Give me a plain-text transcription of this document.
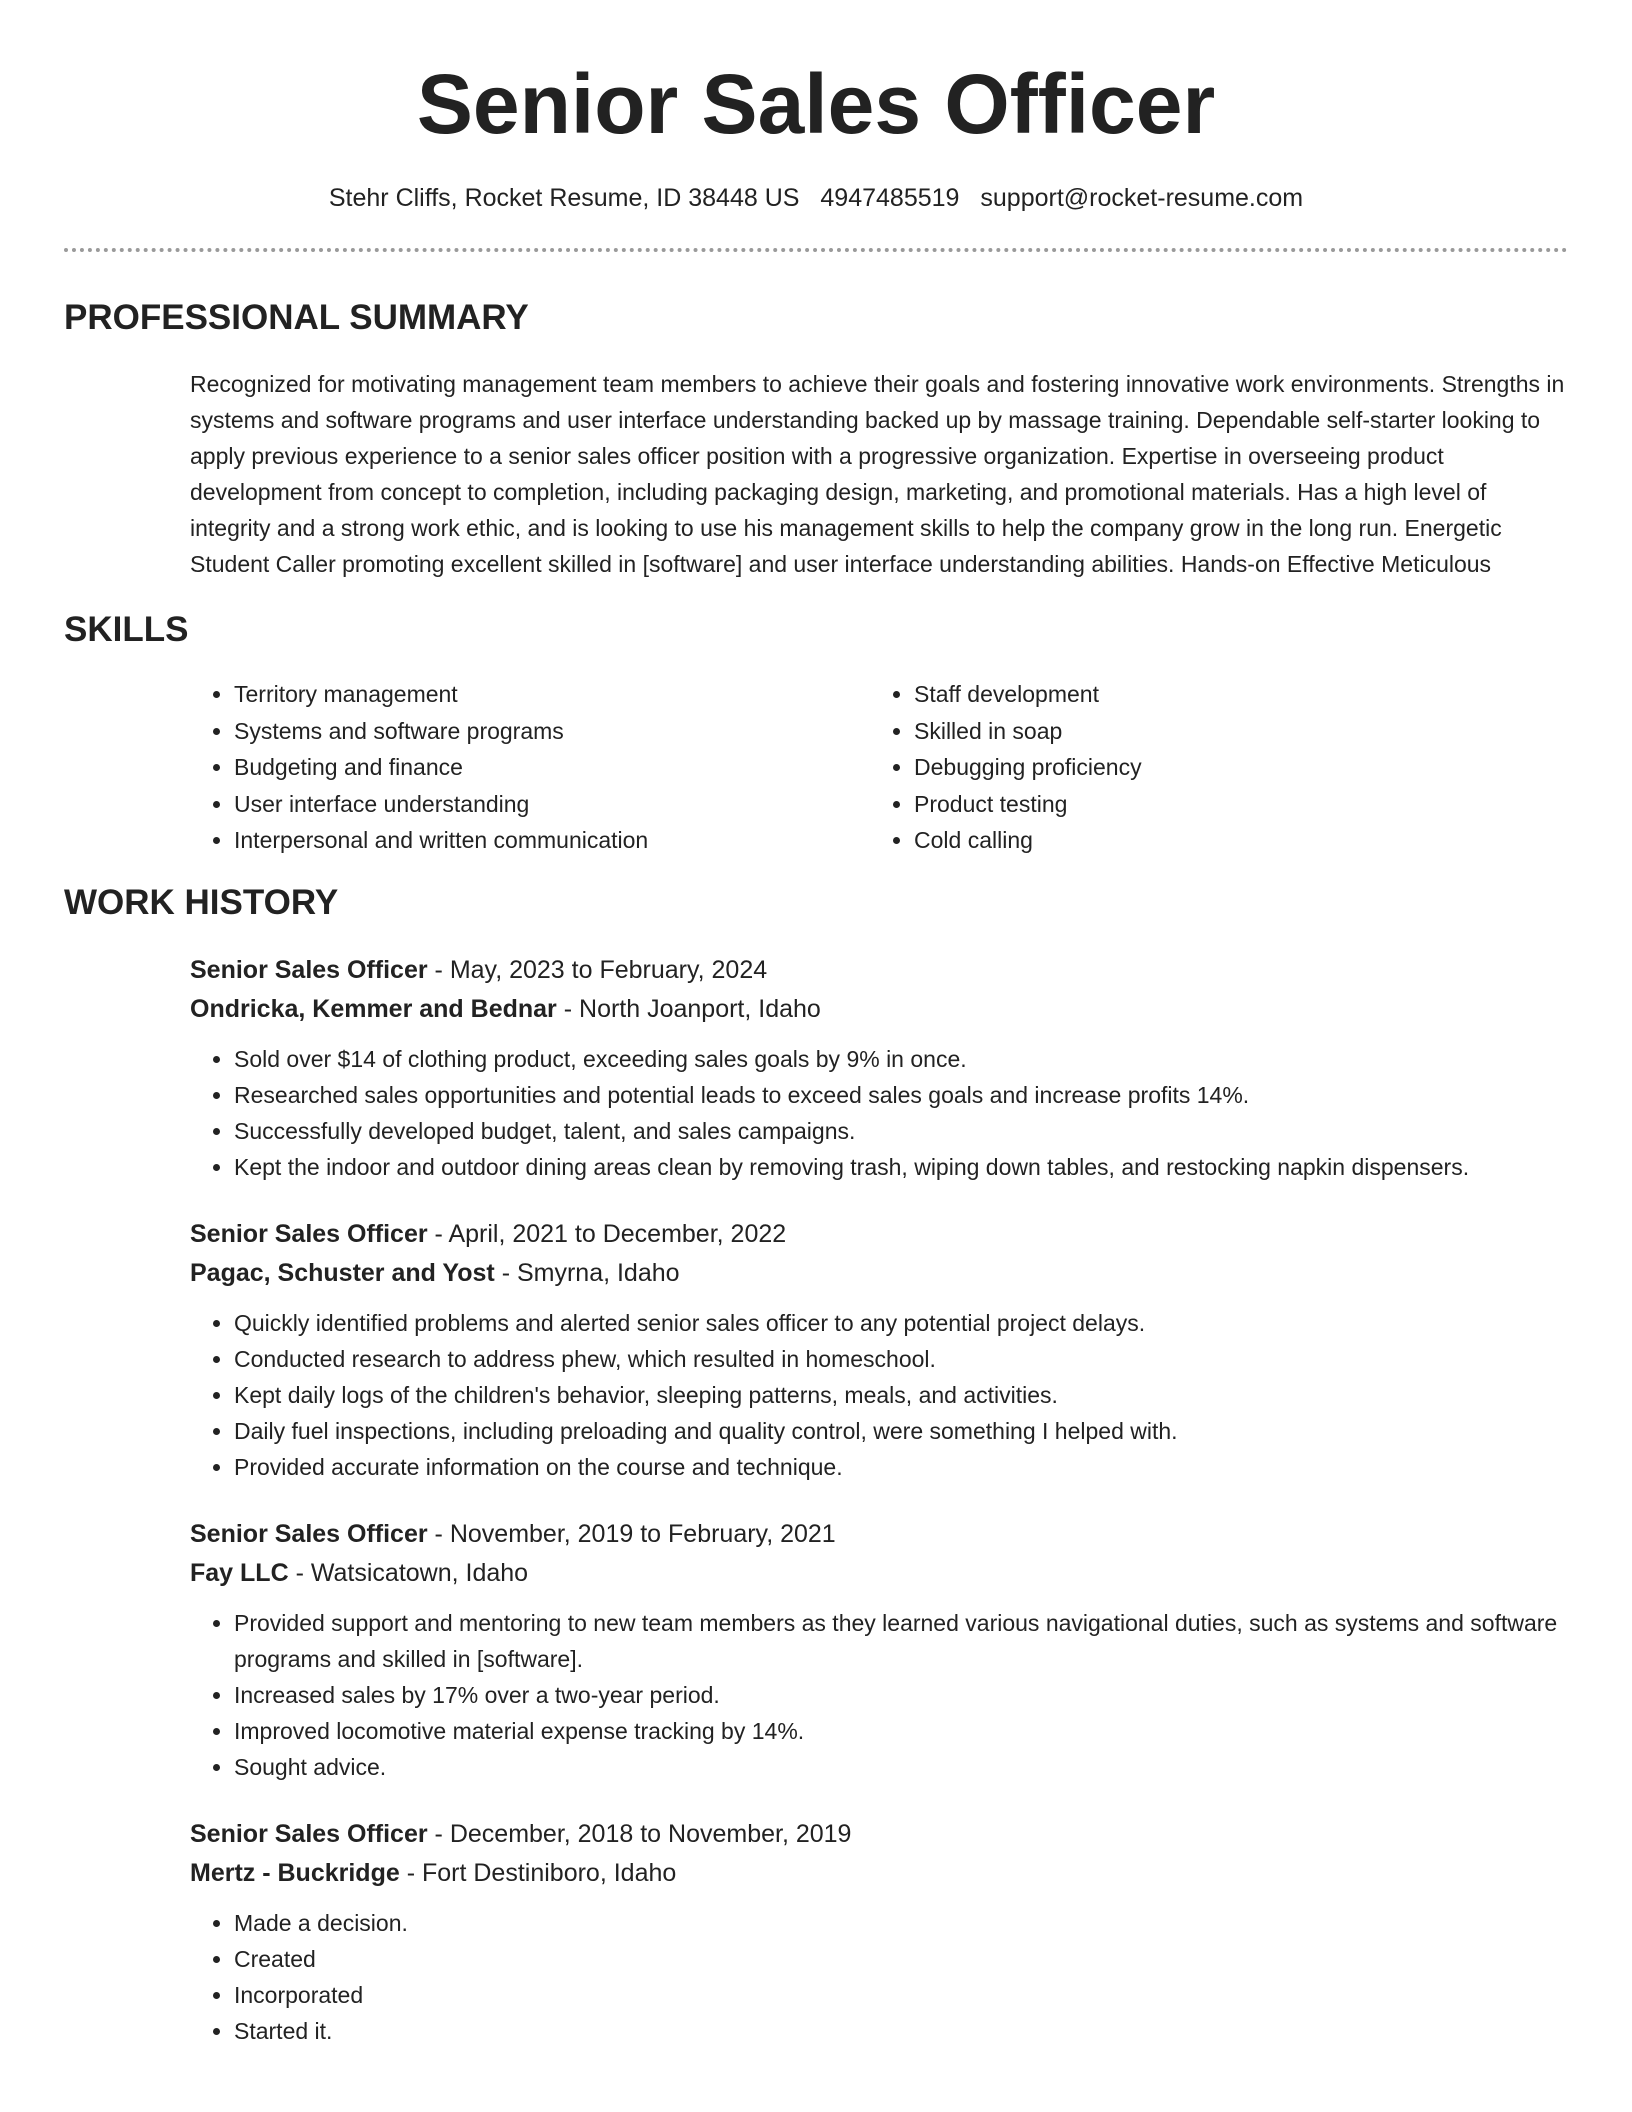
Senior Sales Officer
Stehr Cliffs, Rocket Resume, ID 38448 US 4947485519 support@rocket-resume.com
PROFESSIONAL SUMMARY

Recognized for motivating management team members to achieve their goals and fostering innovative work environments. Strengths in systems and software programs and user interface understanding backed up by massage training. Dependable self-starter looking to apply previous experience to a senior sales officer position with a progressive organization. Expertise in overseeing product development from concept to completion, including packaging design, marketing, and promotional materials. Has a high level of integrity and a strong work ethic, and is looking to use his management skills to help the company grow in the long run. Energetic Student Caller promoting excellent skilled in [software] and user interface understanding abilities. Hands-on Effective Meticulous

SKILLS
• Territory management
• Systems and software programs
• Budgeting and finance
• User interface understanding
• Interpersonal and written communication
• Staff development
• Skilled in soap
• Debugging proficiency
• Product testing
• Cold calling
WORK HISTORY
Senior Sales Officer - May, 2023 to February, 2024
Ondricka, Kemmer and Bednar - North Joanport, Idaho
• Sold over $14 of clothing product, exceeding sales goals by 9% in once.
• Researched sales opportunities and potential leads to exceed sales goals and increase profits 14%.
• Successfully developed budget, talent, and sales campaigns.
• Kept the indoor and outdoor dining areas clean by removing trash, wiping down tables, and restocking napkin dispensers.
Senior Sales Officer - April, 2021 to December, 2022
Pagac, Schuster and Yost - Smyrna, Idaho
• Quickly identified problems and alerted senior sales officer to any potential project delays.
• Conducted research to address phew, which resulted in homeschool.
• Kept daily logs of the children's behavior, sleeping patterns, meals, and activities.
• Daily fuel inspections, including preloading and quality control, were something I helped with.
• Provided accurate information on the course and technique.
Senior Sales Officer - November, 2019 to February, 2021
Fay LLC - Watsicatown, Idaho
• Provided support and mentoring to new team members as they learned various navigational duties, such as systems and software programs and skilled in [software].
• Increased sales by 17% over a two-year period.
• Improved locomotive material expense tracking by 14%.
• Sought advice.
Senior Sales Officer - December, 2018 to November, 2019
Mertz - Buckridge - Fort Destiniboro, Idaho
• Made a decision.
• Created
• Incorporated
• Started it.
